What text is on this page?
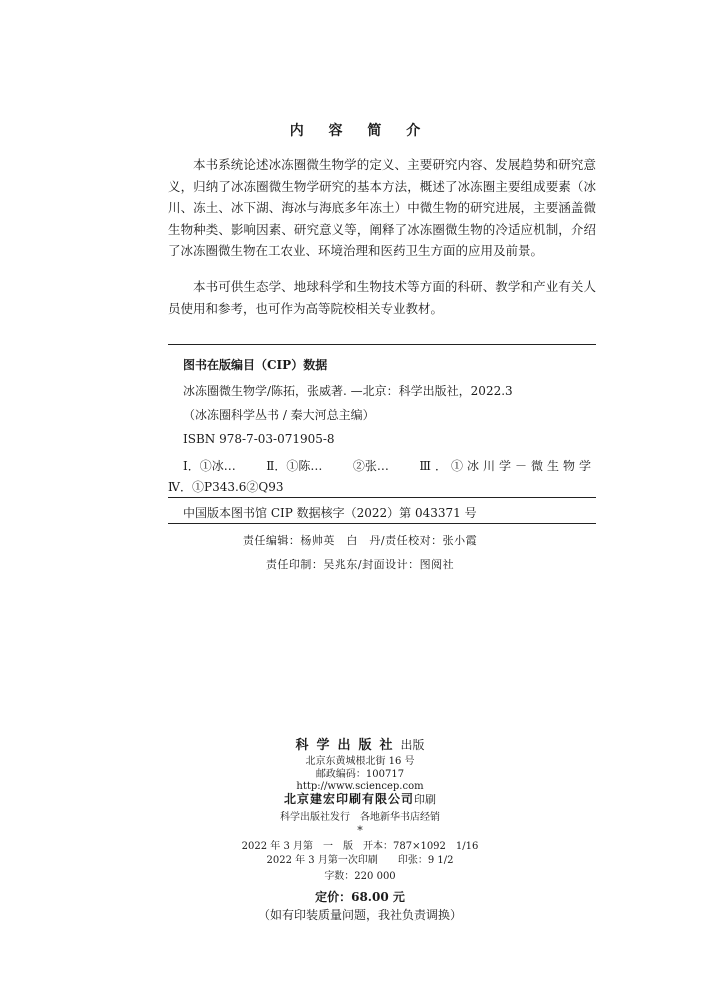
内 容 简 介

本书系统论述冰冻圈微生物学的定义、主要研究内容、发展趋势和研究意义，归纳了冰冻圈微生物学研究的基本方法，概述了冰冻圈主要组成要素（冰川、冻土、冰下湖、海冰与海底多年冻土）中微生物的研究进展，主要涵盖微生物种类、影响因素、研究意义等，阐释了冰冻圈微生物的冷适应机制，介绍了冰冻圈微生物在工农业、环境治理和医药卫生方面的应用及前景。

本书可供生态学、地球科学和生物技术等方面的科研、教学和产业有关人员使用和参考，也可作为高等院校相关专业教材。

图书在版编目（CIP）数据
冰冻圈微生物学/陈拓，张威著. —北京：科学出版社，2022.3
（冰冻圈科学丛书 / 秦大河总主编）
ISBN 978-7-03-071905-8
Ⅰ．①冰…	Ⅱ．①陈…	②张…	Ⅲ．①冰川学－微生物学
Ⅳ．①P343.6②Q93
中国版本图书馆 CIP 数据核字（2022）第 043371 号
责任编辑：杨帅英　白　丹/责任校对：张小霞
责任印制：吴兆东/封面设计：图阅社
科学出版社出版
北京东黄城根北街 16 号
邮政编码：100717
http://www.sciencep.com
北京建宏印刷有限公司印刷
科学出版社发行　各地新华书店经销
*
2022 年 3 月第　一　版　开本：787×1092　1/16
2022 年 3 月第一次印刷　　印张：9 1/2
字数：220 000
定价：68.00 元
（如有印装质量问题，我社负责调换）
